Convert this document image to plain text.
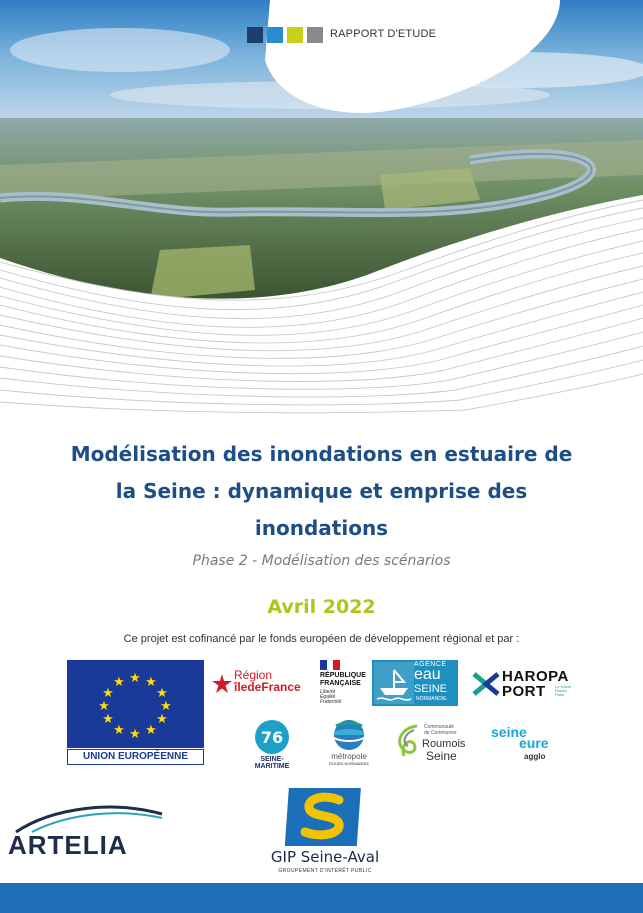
RAPPORT D'ETUDE
Modélisation des inondations en estuaire de
la Seine : dynamique et emprise des
inondations
Phase 2 - Modélisation des scénarios
Avril 2022
Ce projet est cofinancé par le fonds européen de développement régional et par :
★ ★
★
★
★
★
★
★
★
★
★
★
UNION EUROPÉENNE
Région
îledeFrance
RÉPUBLIQUE
FRANÇAISE
Liberté
Égalité
Fraternité
AGENCE
eau
SEINE
NORMANDIE
HAROPA
PORT Le Havre
Rouen
Paris
76
SEINE-MARITIME
métropole
ROUEN NORMANDIE
Communauté
de Communes
Roumois
Seine
seine
eure
agglo
ARTELIA	GIP Seine-Aval
GROUPEMENT D'INTÉRÊT PUBLIC
